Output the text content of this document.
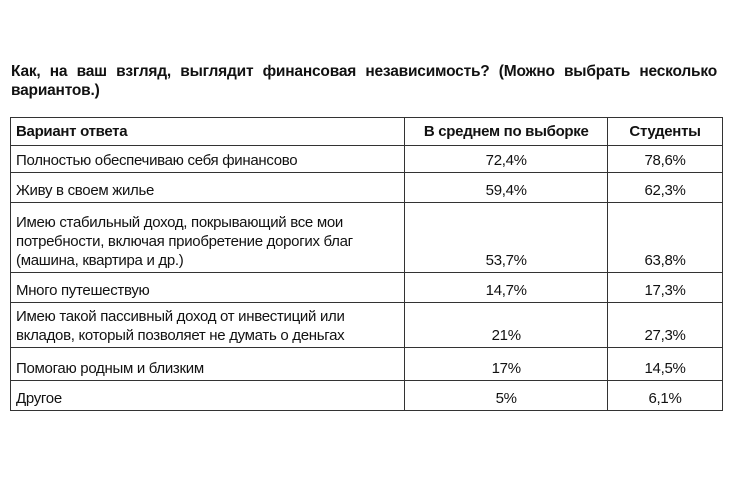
Как, на ваш взгляд, выглядит финансовая независимость? (Можно выбрать несколько вариантов.)
Вариант ответа	В среднем по выборке	Студенты
Полностью обеспечиваю себя финансово	72,4%	78,6%
Живу в своем жилье	59,4%	62,3%
Имею стабильный доход, покрывающий все мои потребности, включая приобретение дорогих благ (машина, квартира и др.)	53,7%	63,8%
Много путешествую	14,7%	17,3%
Имею такой пассивный доход от инвестиций или вкладов, который позволяет не думать о деньгах	21%	27,3%
Помогаю родным и близким	17%	14,5%
Другое	5%	6,1%
